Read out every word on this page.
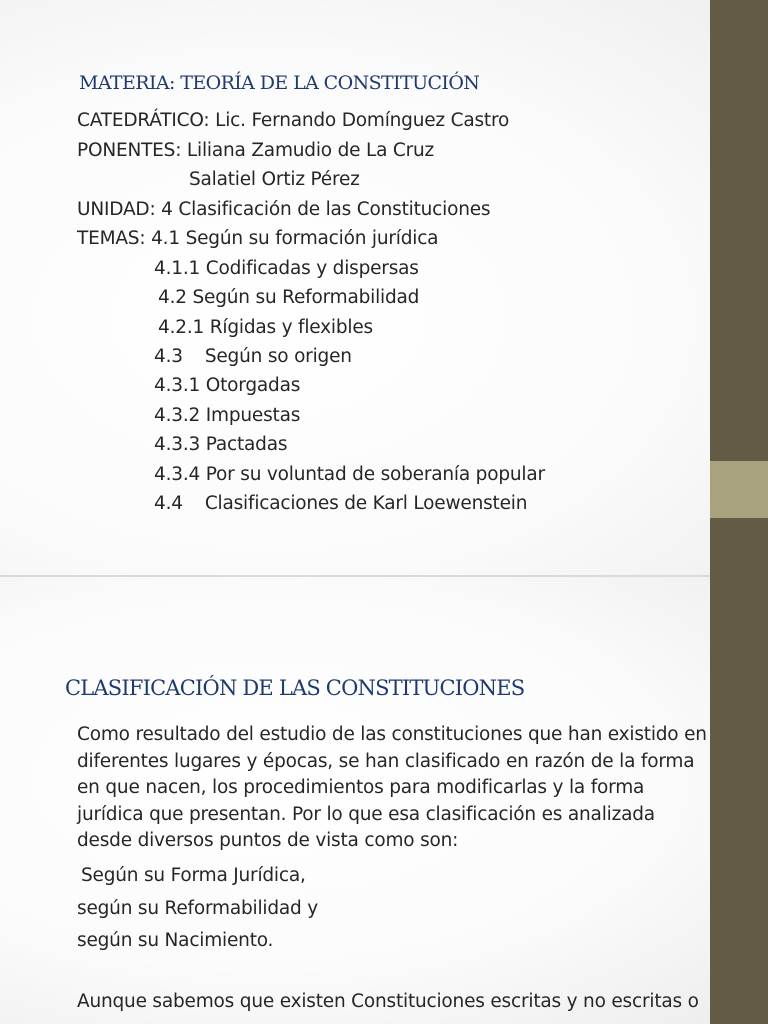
MATERIA: TEORÍA DE LA CONSTITUCIÓN
CATEDRÁTICO: Lic. Fernando Domínguez Castro
PONENTES: Liliana Zamudio de La Cruz
Salatiel Ortiz Pérez
UNIDAD: 4 Clasificación de las Constituciones
TEMAS: 4.1 Según su formación jurídica
4.1.1 Codificadas y dispersas
4.2 Según su Reformabilidad
4.2.1 Rígidas y flexibles
4.3 Según so origen
4.3.1 Otorgadas
4.3.2 Impuestas
4.3.3 Pactadas
4.3.4 Por su voluntad de soberanía popular
4.4 Clasificaciones de Karl Loewenstein
CLASIFICACIÓN DE LAS CONSTITUCIONES
Como resultado del estudio de las constituciones que han existido en diferentes lugares y épocas, se han clasificado en razón de la forma en que nacen, los procedimientos para modificarlas y la forma jurídica que presentan. Por lo que esa clasificación es analizada desde diversos puntos de vista como son:
Según su Forma Jurídica,
según su Reformabilidad y
según su Nacimiento.
Aunque sabemos que existen Constituciones escritas y no escritas o
